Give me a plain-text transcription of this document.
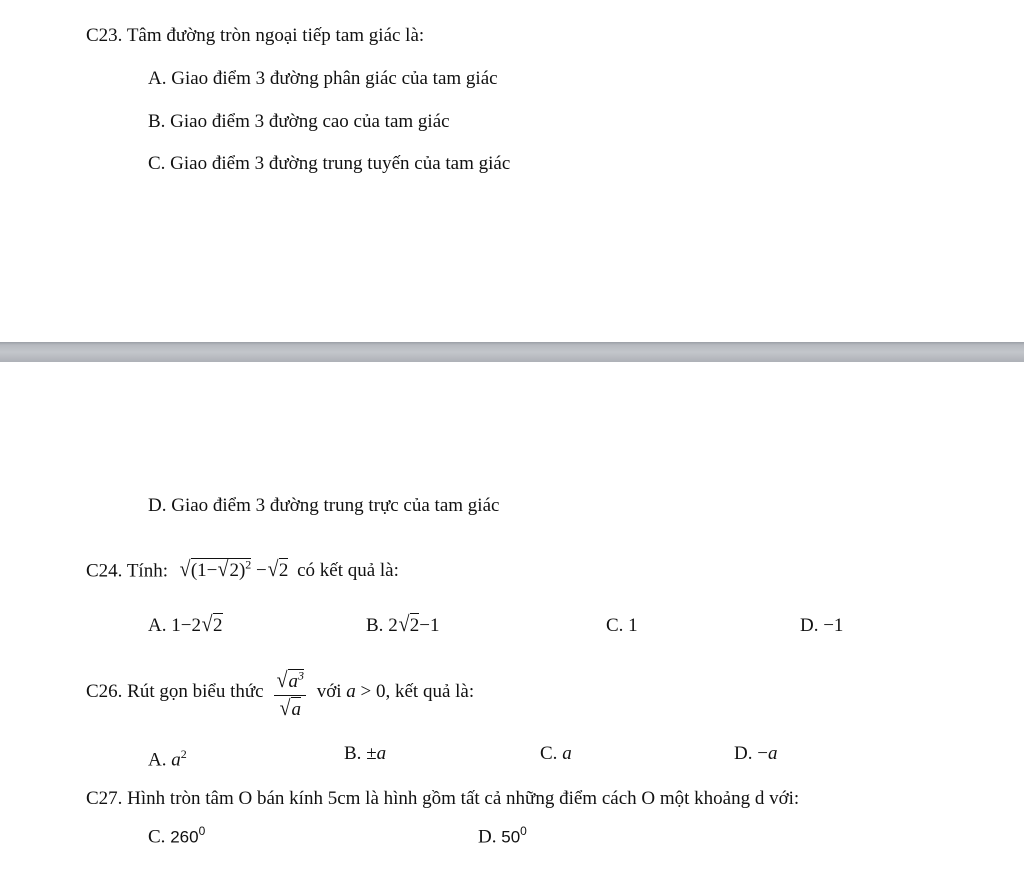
C23. Tâm đường tròn ngoại tiếp tam giác là:
A. Giao điểm 3 đường phân giác của tam giác
B. Giao điểm 3 đường cao của tam giác
C. Giao điểm 3 đường trung tuyến của tam giác
D. Giao điểm 3 đường trung trực của tam giác
C24. Tính: $√(1-√2)^2 -√2$ có kết quả là:
A. 1−2√2	B. 2√2−1	C. 1	D. −1
C26. Rút gọn biểu thức $\frac{√a^3}{√a}$ với a > 0, kết quả là:
A. $a^2$	B. ±a	C. a	D. −a
C27. Hình tròn tâm O bán kính 5cm là hình gồm tất cả những điểm cách O một khoảng d với:
C. $260^0$	D. $50^0$
